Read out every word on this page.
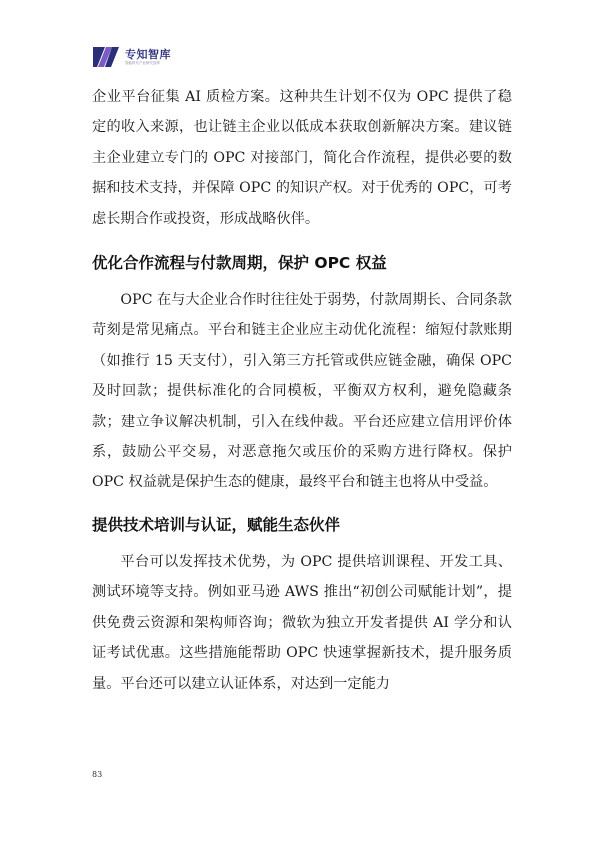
专知智库
智能时代产业研究智库

企业平台征集 AI 质检方案。这种共生计划不仅为 OPC 提供了稳定的收入来源，也让链主企业以低成本获取创新解决方案。建议链主企业建立专门的 OPC 对接部门，简化合作流程，提供必要的数据和技术支持，并保障 OPC 的知识产权。对于优秀的 OPC，可考虑长期合作或投资，形成战略伙伴。

优化合作流程与付款周期，保护 OPC 权益

OPC 在与大企业合作时往往处于弱势，付款周期长、合同条款苛刻是常见痛点。平台和链主企业应主动优化流程：缩短付款账期（如推行 15 天支付），引入第三方托管或供应链金融，确保 OPC 及时回款；提供标准化的合同模板，平衡双方权利，避免隐藏条款；建立争议解决机制，引入在线仲裁。平台还应建立信用评价体系，鼓励公平交易，对恶意拖欠或压价的采购方进行降权。保护 OPC 权益就是保护生态的健康，最终平台和链主也将从中受益。

提供技术培训与认证，赋能生态伙伴

平台可以发挥技术优势，为 OPC 提供培训课程、开发工具、测试环境等支持。例如亚马逊 AWS 推出“初创公司赋能计划”，提供免费云资源和架构师咨询；微软为独立开发者提供 AI 学分和认证考试优惠。这些措施能帮助 OPC 快速掌握新技术，提升服务质量。平台还可以建立认证体系，对达到一定能力

83
